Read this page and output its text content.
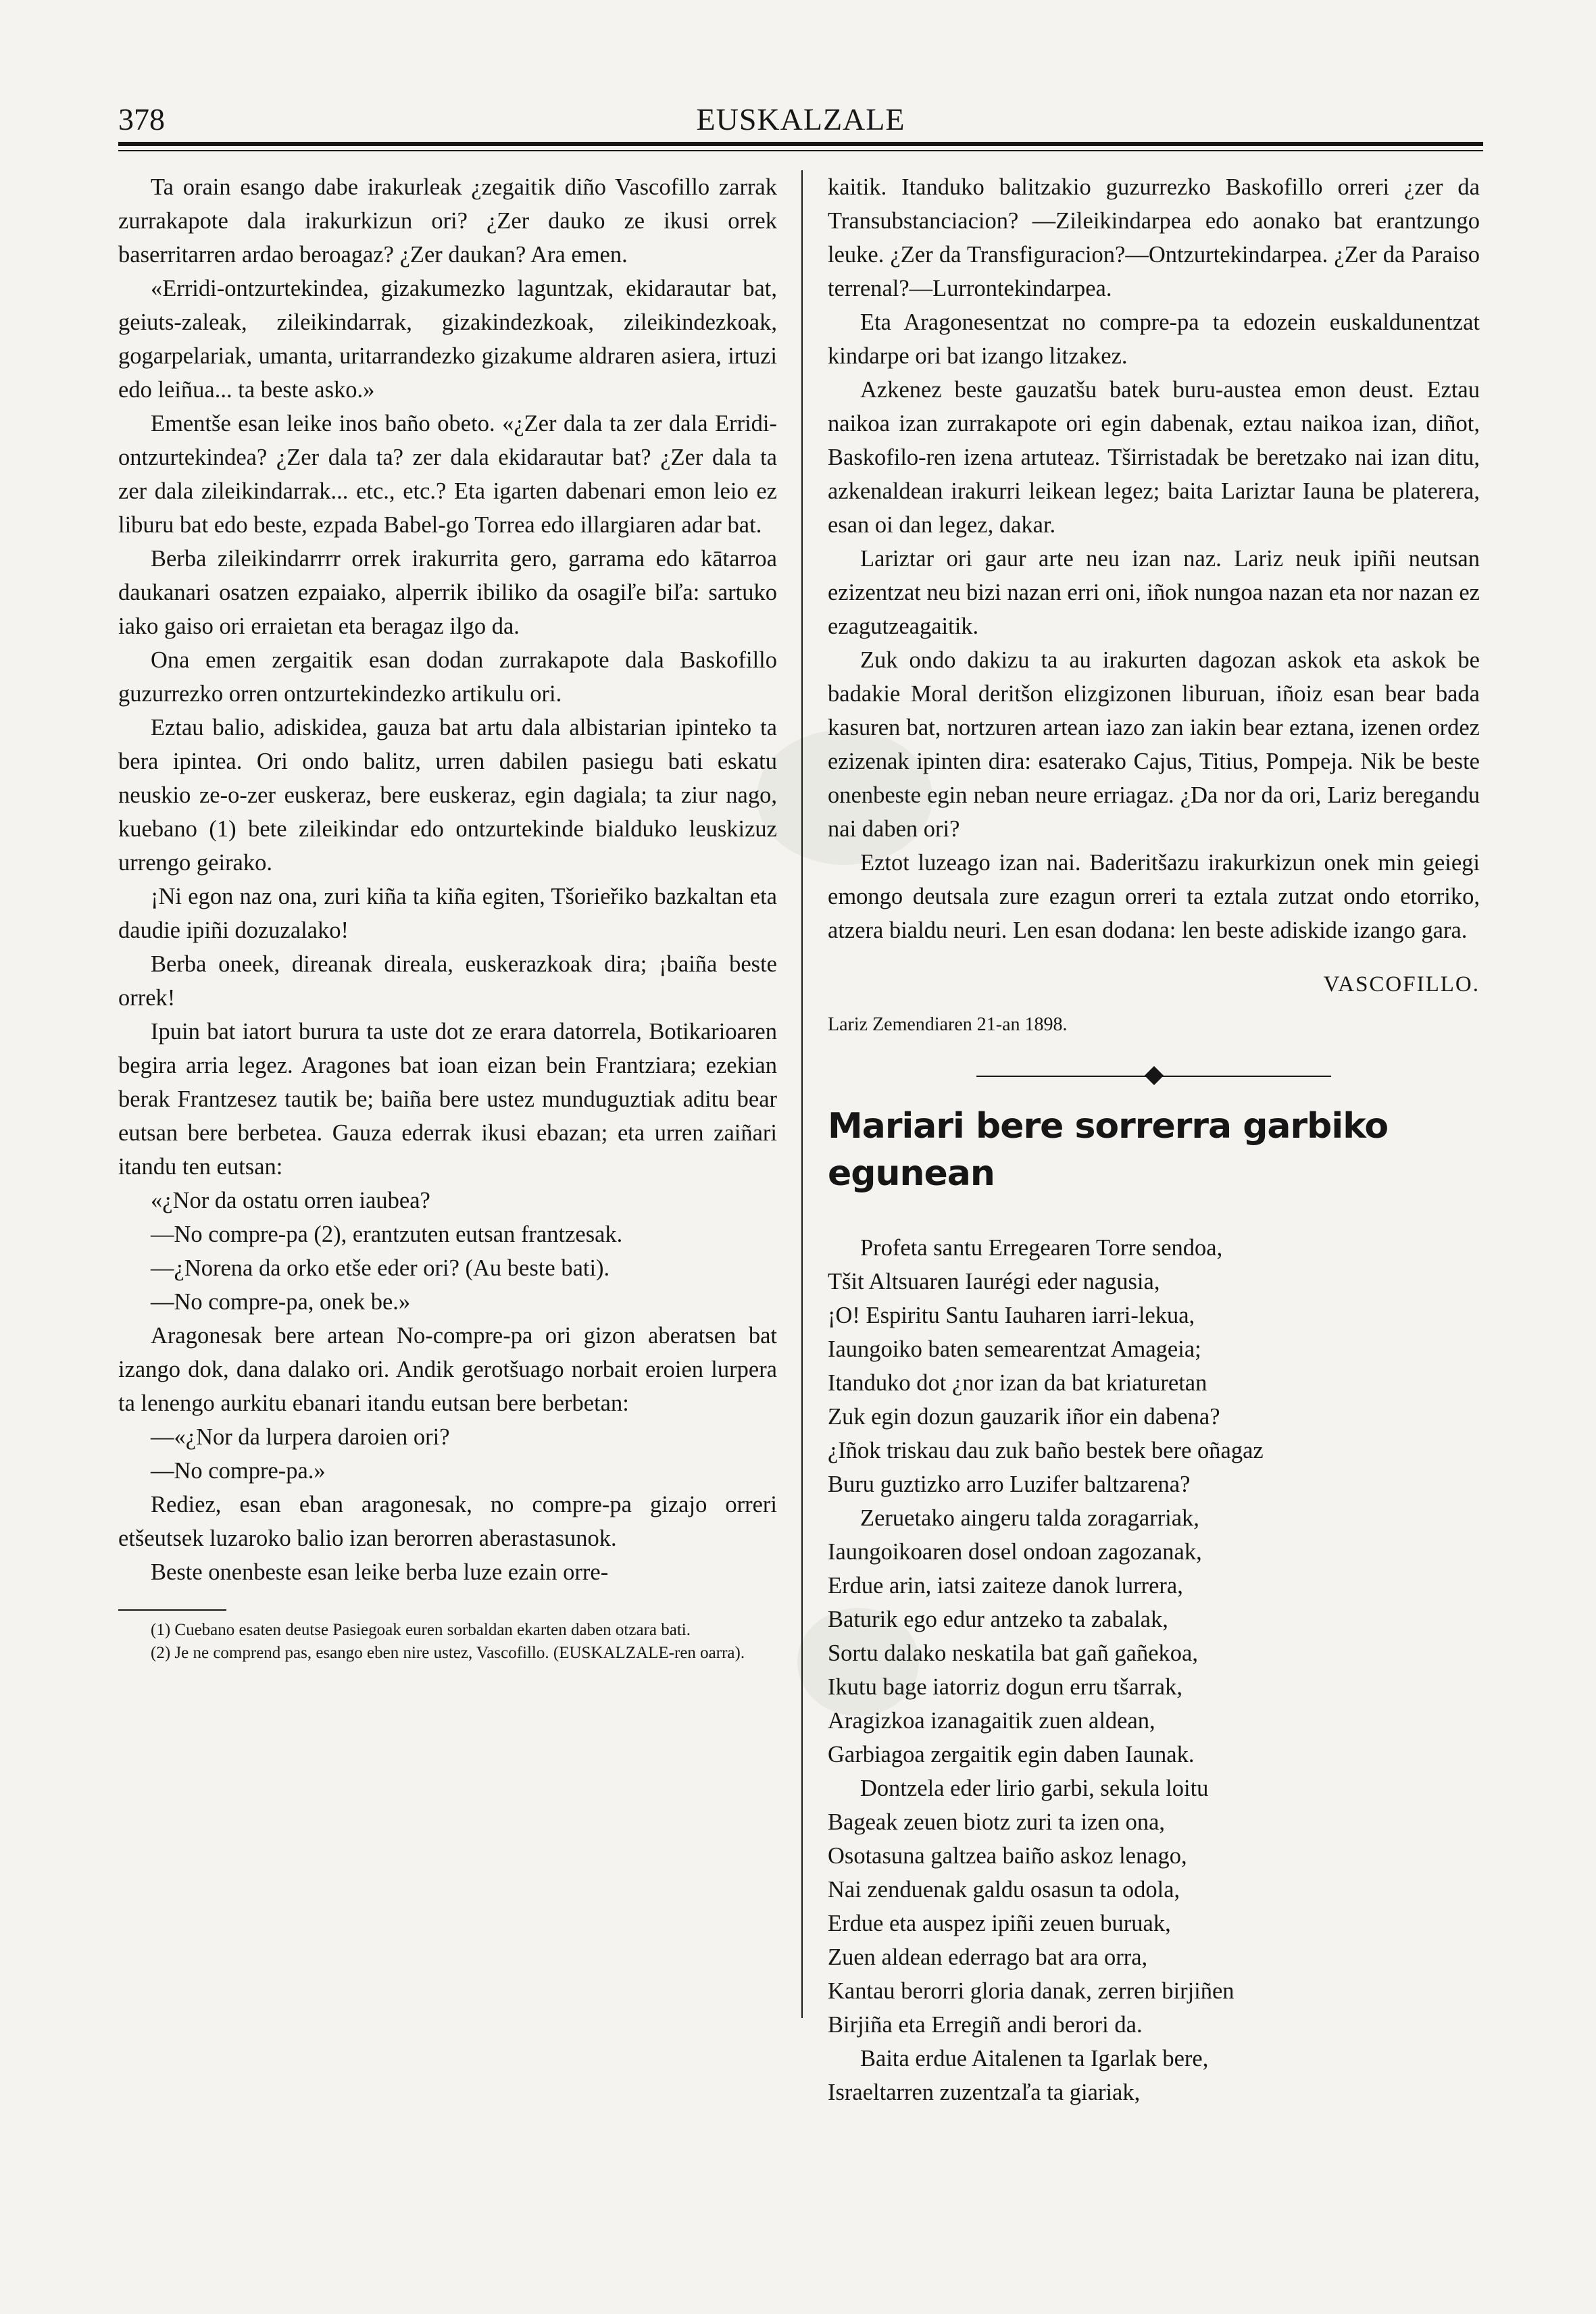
378	EUSKALZALE

Ta orain esango dabe irakurleak ¿zegaitik diño Vascofillo zarrak zurrakapote dala irakurkizun ori? ¿Zer dauko ze ikusi orrek baserritarren ardao beroagaz? ¿Zer daukan? Ara emen.

«Erridi-ontzurtekindea, gizakumezko laguntzak, ekidarautar bat, geiuts-zaleak, zileikindarrak, gizakindezkoak, zileikindezkoak, gogarpelariak, umanta, uritarrandezko gizakume aldraren asiera, irtuzi edo leiñua... ta beste asko.»

Ementše esan leike inos baño obeto. «¿Zer dala ta zer dala Erridi-ontzurtekindea? ¿Zer dala ta? zer dala ekidarautar bat? ¿Zer dala ta zer dala zileikindarrak... etc., etc.? Eta igarten dabenari emon leio ez liburu bat edo beste, ezpada Babel-go Torrea edo illargiaren adar bat.

Berba zileikindarrrr orrek irakurrita gero, garrama edo kātarroa daukanari osatzen ezpaiako, alperrik ibiliko da osagiľe biľa: sartuko iako gaiso ori erraietan eta beragaz ilgo da.

Ona emen zergaitik esan dodan zurrakapote dala Baskofillo guzurrezko orren ontzurtekindezko artikulu ori.

Eztau balio, adiskidea, gauza bat artu dala albistarian ipinteko ta bera ipintea. Ori ondo balitz, urren dabilen pasiegu bati eskatu neuskio ze-o-zer euskeraz, bere euskeraz, egin dagiala; ta ziur nago, kuebano (1) bete zileikindar edo ontzurtekinde bialduko leuskizuz urrengo geirako.

¡Ni egon naz ona, zuri kiña ta kiña egiten, Tšorieřiko bazkaltan eta daudie ipiñi dozuzalako!

Berba oneek, direanak direala, euskerazkoak dira; ¡baiña beste orrek!

Ipuin bat iatort burura ta uste dot ze erara datorrela, Botikarioaren begira arria legez. Aragones bat ioan eizan bein Frantziara; ezekian berak Frantzesez tautik be; baiña bere ustez munduguztiak aditu bear eutsan bere berbetea. Gauza ederrak ikusi ebazan; eta urren zaiñari itandu ten eutsan:

«¿Nor da ostatu orren iaubea?

—No compre-pa (2), erantzuten eutsan frantzesak.

—¿Norena da orko etše eder ori? (Au beste bati).

—No compre-pa, onek be.»

Aragonesak bere artean No-compre-pa ori gizon aberatsen bat izango dok, dana dalako ori. Andik gerotšuago norbait eroien lurpera ta lenengo aurkitu ebanari itandu eutsan bere berbetan:

—«¿Nor da lurpera daroien ori?

—No compre-pa.»

Rediez, esan eban aragonesak, no compre-pa gizajo orreri etšeutsek luzaroko balio izan berorren aberastasunok.

Beste onenbeste esan leike berba luze ezain orre-

(1) Cuebano esaten deutse Pasiegoak euren sorbaldan ekarten daben otzara bati.

(2) Je ne comprend pas, esango eben nire ustez, Vascofillo. (EUSKALZALE-ren oarra).

kaitik. Itanduko balitzakio guzurrezko Baskofillo orreri ¿zer da Transubstanciacion? —Zileikindarpea edo aonako bat erantzungo leuke. ¿Zer da Transfiguracion?—Ontzurtekindarpea. ¿Zer da Paraiso terrenal?—Lurrontekindarpea.

Eta Aragonesentzat no compre-pa ta edozein euskaldunentzat kindarpe ori bat izango litzakez.

Azkenez beste gauzatšu batek buru-austea emon deust. Eztau naikoa izan zurrakapote ori egin dabenak, eztau naikoa izan, diñot, Baskofilo-ren izena artuteaz. Tširristadak be beretzako nai izan ditu, azkenaldean irakurri leikean legez; baita Lariztar Iauna be platerera, esan oi dan legez, dakar.

Lariztar ori gaur arte neu izan naz. Lariz neuk ipiñi neutsan ezizentzat neu bizi nazan erri oni, iñok nungoa nazan eta nor nazan ez ezagutzeagaitik.

Zuk ondo dakizu ta au irakurten dagozan askok eta askok be badakie Moral deritšon elizgizonen liburuan, iñoiz esan bear bada kasuren bat, nortzuren artean iazo zan iakin bear eztana, izenen ordez ezizenak ipinten dira: esaterako Cajus, Titius, Pompeja. Nik be beste onenbeste egin neban neure erriagaz. ¿Da nor da ori, Lariz beregandu nai daben ori?

Eztot luzeago izan nai. Baderitšazu irakurkizun onek min geiegi emongo deutsala zure ezagun orreri ta eztala zutzat ondo etorriko, atzera bialdu neuri. Len esan dodana: len beste adiskide izango gara.

VASCOFILLO.
Lariz Zemendiaren 21-an 1898.
Mariari bere sorrerra garbiko egunean
Profeta santu Erregearen Torre sendoa,
Tšit Altsuaren Iaurégi eder nagusia,
¡O! Espiritu Santu Iauharen iarri-lekua,
Iaungoiko baten semearentzat Amageia;
Itanduko dot ¿nor izan da bat kriaturetan
Zuk egin dozun gauzarik iñor ein dabena?
¿Iñok triskau dau zuk baño bestek bere oñagaz
Buru guztizko arro Luzifer baltzarena?
Zeruetako aingeru talda zoragarriak,
Iaungoikoaren dosel ondoan zagozanak,
Erdue arin, iatsi zaiteze danok lurrera,
Baturik ego edur antzeko ta zabalak,
Sortu dalako neskatila bat gañ gañekoa,
Ikutu bage iatorriz dogun erru tšarrak,
Aragizkoa izanagaitik zuen aldean,
Garbiagoa zergaitik egin daben Iaunak.
Dontzela eder lirio garbi, sekula loitu
Bageak zeuen biotz zuri ta izen ona,
Osotasuna galtzea baiño askoz lenago,
Nai zenduenak galdu osasun ta odola,
Erdue eta auspez ipiñi zeuen buruak,
Zuen aldean ederrago bat ara orra,
Kantau berorri gloria danak, zerren birjiñen
Birjiña eta Erregiñ andi berori da.
Baita erdue Aitalenen ta Igarlak bere,
Israeltarren zuzentzaľa ta giariak,
